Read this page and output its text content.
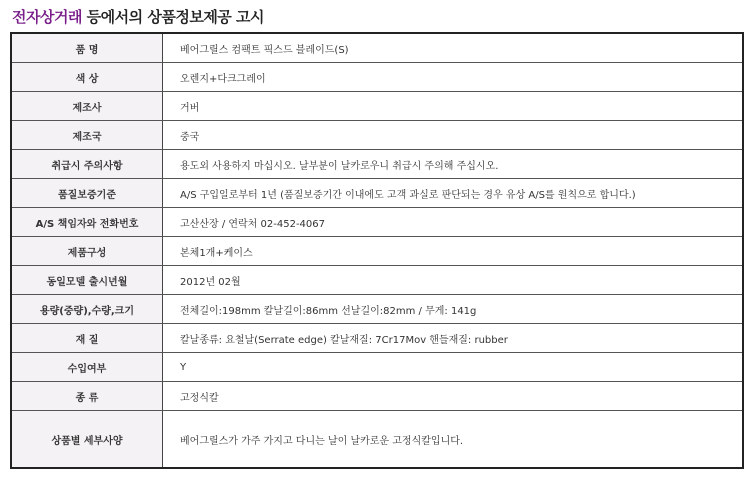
전자상거래 등에서의 상품정보제공 고시
품 명	베어그릴스 컴팩트 픽스드 블레이드(S)
색 상	오렌지+다크그레이
제조사	거버
제조국	중국
취급시 주의사항	용도외 사용하지 마십시오. 날부분이 날카로우니 취급시 주의해 주십시오.
품질보증기준	A/S 구입일로부터 1년 (품질보증기간 이내에도 고객 과실로 판단되는 경우 유상 A/S를 원칙으로 합니다.)
A/S 책임자와 전화번호	고산산장 / 연락처 02-452-4067
제품구성	본체1개+케이스
동일모델 출시년월	2012년 02월
용량(중량),수량,크기	전체길이:198mm 칼날길이:86mm 선날길이:82mm / 무게: 141g
재 질	칼날종류: 요철날(Serrate edge) 칼날재질: 7Cr17Mov 핸들재질: rubber
수입여부	Y
종 류	고정식칼
상품별 세부사양	베어그릴스가 가주 가지고 다니는 날이 날카로운 고정식칼입니다.
